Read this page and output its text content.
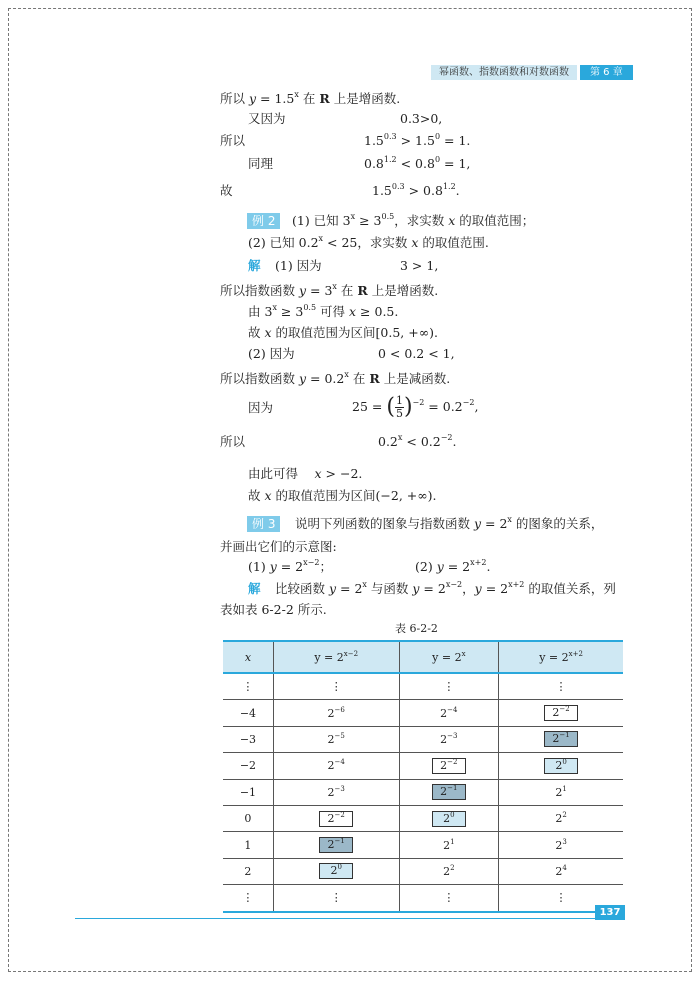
幂函数、指数函数和对数函数	第 6 章
所以 $y = 1.5^x$ 在 R 上是增函数.
又因为	0.3>0,
所以	$1.5^{0.3} > 1.5^0 = 1$.
同理	$0.8^{1.2} < 0.8^0 = 1$,
故	$1.5^{0.3} > 0.8^{1.2}$.
例 2	(1) 已知 $3^x \ge 3^{0.5}$，求实数 x 的取值范围；
(2) 已知 $0.2^x < 25$，求实数 x 的取值范围.
解 (1) 因为	3 > 1,
所以指数函数 $y = 3^x$ 在 R 上是增函数.
由 $3^x \ge 3^{0.5}$ 可得 x ≥ 0.5.
故 x 的取值范围为区间[0.5, +∞).
(2) 因为	0 < 0.2 < 1,
所以指数函数 $y = 0.2^x$ 在 R 上是减函数.
因为	25 = ( $\frac{1}{5} )^{-2} = 0.2^{-2}$,
所以	$0.2^x < 0.2^{-2}$.
由此可得　 x > −2.
故 x 的取值范围为区间(−2, +∞).
例 3	说明下列函数的图象与指数函数 $y = 2^x$ 的图象的关系，
并画出它们的示意图:
(1) $y = 2^{x-2}$；	(2) $y = 2^{x+2}$.
解 比较函数 $y = 2^x$ 与函数 $y = 2^{x-2}$，$y = 2^{x+2}$ 的取值关系，列
表如表 6-2-2 所示.
表 6-2-2
x	$y = 2^{x-2}$	$y = 2^x$	$y = 2^{x+2}$
⋮	⋮	⋮	⋮
−4	$2^{-6}$	$2^{-4}$	$2^{-2}$
−3	$2^{-5}$	$2^{-3}$	$2^{-1}$
−2	$2^{-4}$	$2^{-2}$	$2^0$
−1	$2^{-3}$	$2^{-1}$	$2^1$
0	$2^{-2}$	$2^0$	$2^2$
1	$2^{-1}$	$2^1$	$2^3$
2	$2^0$	$2^2$	$2^4$
⋮	⋮	⋮	⋮
137
